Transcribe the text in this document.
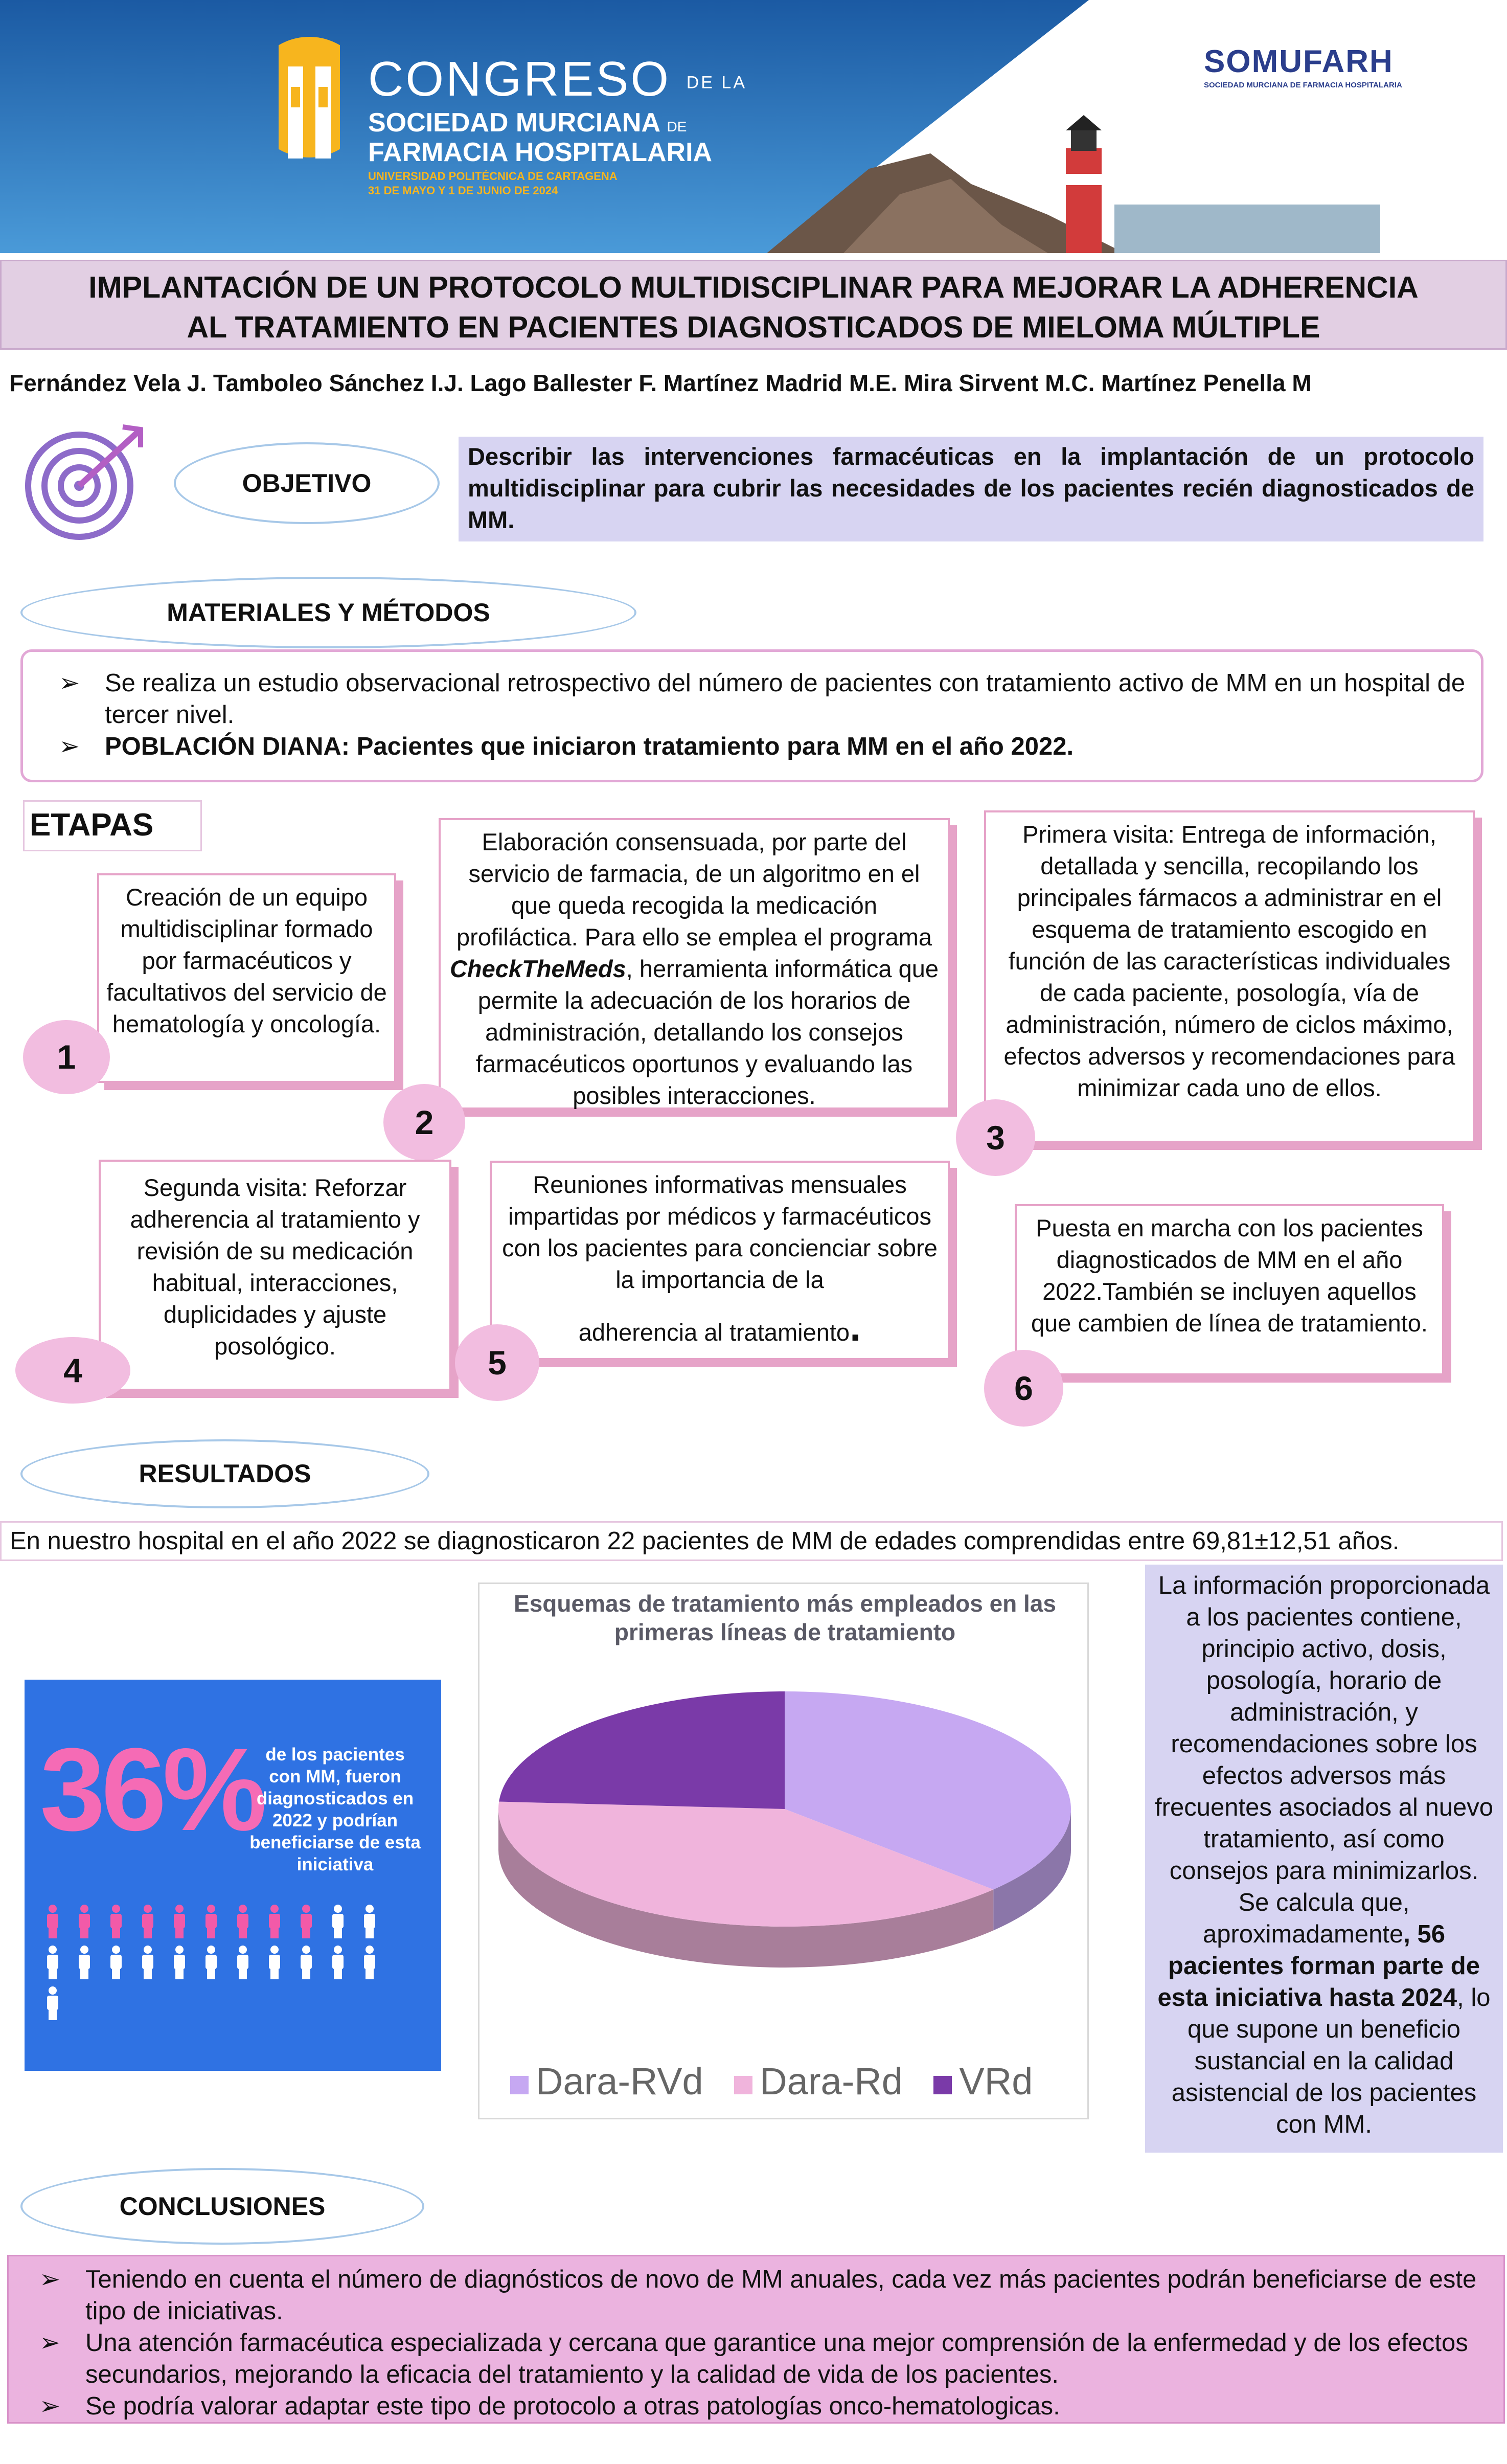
CONGRESO DE LA
SOCIEDAD MURCIANA DE
FARMACIA HOSPITALARIA
UNIVERSIDAD POLITÉCNICA DE CARTAGENA
31 DE MAYO Y 1 DE JUNIO DE 2024
SOMUFARH
SOCIEDAD MURCIANA DE FARMACIA HOSPITALARIA
IMPLANTACIÓN DE UN PROTOCOLO MULTIDISCIPLINAR PARA MEJORAR LA ADHERENCIA
AL TRATAMIENTO EN PACIENTES DIAGNOSTICADOS DE MIELOMA MÚLTIPLE
Fernández Vela J. Tamboleo Sánchez I.J. Lago Ballester F. Martínez Madrid M.E. Mira Sirvent M.C. Martínez Penella M
OBJETIVO
Describir las intervenciones farmacéuticas en la implantación de un protocolo multidisciplinar para cubrir las necesidades de los pacientes recién diagnosticados de MM.
MATERIALES Y MÉTODOS
➢ Se realiza un estudio observacional retrospectivo del número de pacientes con tratamiento activo de MM en un hospital de tercer nivel.
➢ POBLACIÓN DIANA: Pacientes que iniciaron tratamiento para MM en el año 2022.
ETAPAS
Creación de un equipo multidisciplinar formado por farmacéuticos y facultativos del servicio de hematología y oncología.
1
Elaboración consensuada, por parte del servicio de farmacia, de un algoritmo en el que queda recogida la medicación profiláctica. Para ello se emplea el programa CheckTheMeds, herramienta informática que permite la adecuación de los horarios de administración, detallando los consejos farmacéuticos oportunos y evaluando las posibles interacciones.
2
Primera visita: Entrega de información, detallada y sencilla, recopilando los principales fármacos a administrar en el esquema de tratamiento escogido en función de las características individuales de cada paciente, posología, vía de administración, número de ciclos máximo, efectos adversos y recomendaciones para minimizar cada uno de ellos.
3
Segunda visita: Reforzar adherencia al tratamiento y revisión de su medicación habitual, interacciones, duplicidades y ajuste posológico.
4
Reuniones informativas mensuales impartidas por médicos y farmacéuticos con los pacientes para concienciar sobre la importancia de la
adherencia al tratamiento.
5
Puesta en marcha con los pacientes diagnosticados de MM en el año 2022.También se incluyen aquellos que cambien de línea de tratamiento.
6
RESULTADOS
En nuestro hospital en el año 2022 se diagnosticaron 22 pacientes de MM de edades comprendidas entre 69,81±12,51 años.
36% de los pacientes con MM, fueron diagnosticados en 2022 y podrían beneficiarse de esta iniciativa
Esquemas de tratamiento más empleados en las primeras líneas de tratamiento
Dara-RVd Dara-Rd VRd
La información proporcionada a los pacientes contiene, principio activo, dosis, posología, horario de administración, y recomendaciones sobre los efectos adversos más frecuentes asociados al nuevo tratamiento, así como consejos para minimizarlos. Se calcula que, aproximadamente, 56 pacientes forman parte de esta iniciativa hasta 2024, lo que supone un beneficio sustancial en la calidad asistencial de los pacientes con MM.
CONCLUSIONES
➢ Teniendo en cuenta el número de diagnósticos de novo de MM anuales, cada vez más pacientes podrán beneficiarse de este tipo de iniciativas.
➢ Una atención farmacéutica especializada y cercana que garantice una mejor comprensión de la enfermedad y de los efectos secundarios, mejorando la eficacia del tratamiento y la calidad de vida de los pacientes.
➢ Se podría valorar adaptar este tipo de protocolo a otras patologías onco-hematologicas.
